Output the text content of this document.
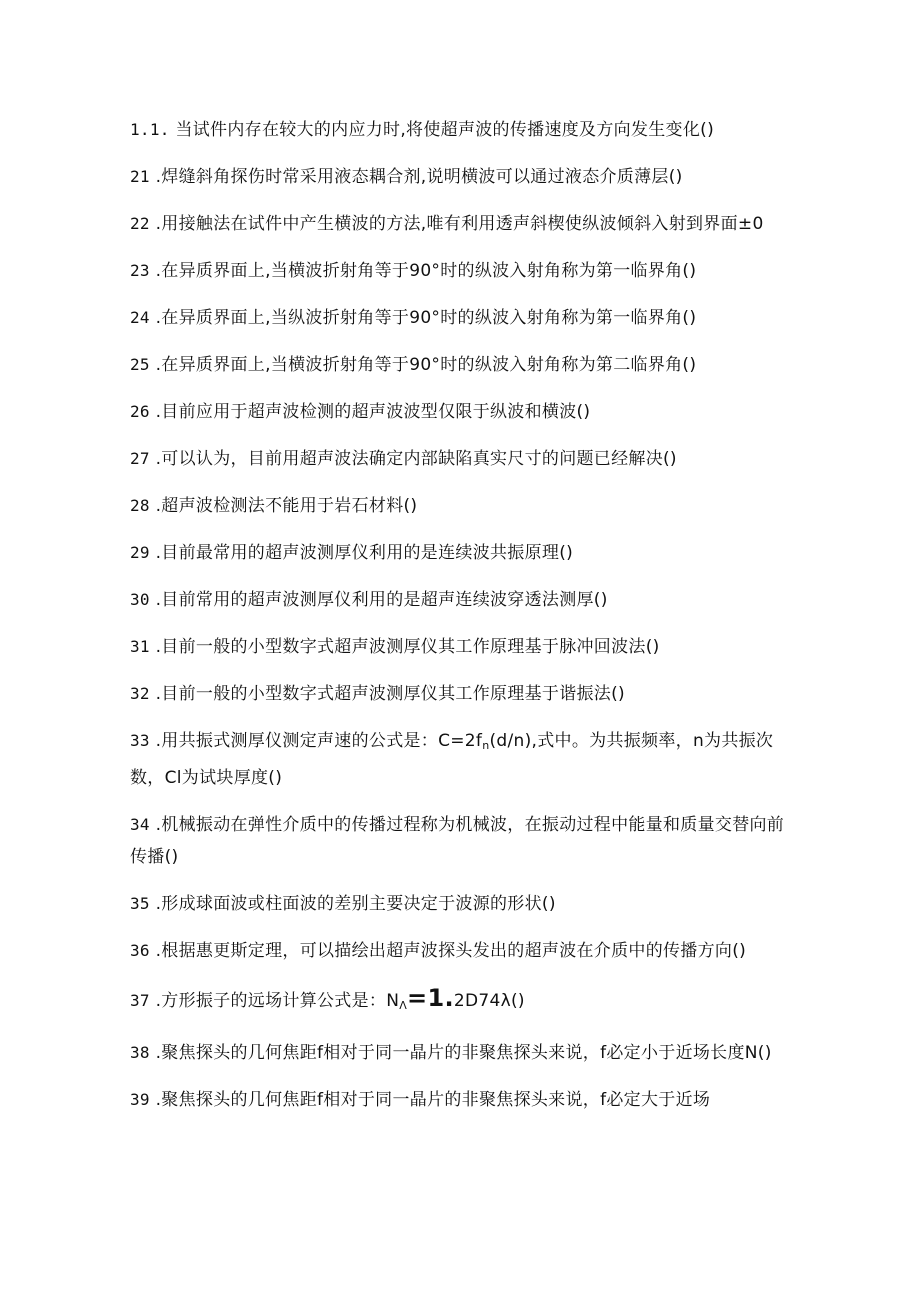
1.1. 当试件内存在较大的内应力时,将使超声波的传播速度及方向发生变化()

21 .焊缝斜角探伤时常采用液态耦合剂,说明横波可以通过液态介质薄层()

22 .用接触法在试件中产生横波的方法,唯有利用透声斜楔使纵波倾斜入射到界面±0

23 .在异质界面上,当横波折射角等于90°时的纵波入射角称为第一临界角()

24 .在异质界面上,当纵波折射角等于90°时的纵波入射角称为第一临界角()

25 .在异质界面上,当横波折射角等于90°时的纵波入射角称为第二临界角()

26 .目前应用于超声波检测的超声波波型仅限于纵波和横波()

27 .可以认为，目前用超声波法确定内部缺陷真实尺寸的问题已经解决()

28 .超声波检测法不能用于岩石材料()

29 .目前最常用的超声波测厚仪利用的是连续波共振原理()

30 .目前常用的超声波测厚仪利用的是超声连续波穿透法测厚()

31 .目前一般的小型数字式超声波测厚仪其工作原理基于脉冲回波法()

32 .目前一般的小型数字式超声波测厚仪其工作原理基于谐振法()

33 .用共振式测厚仪测定声速的公式是：$C=2f_n(d/n)$,式中。为共振频率，n为共振次数，Cl为试块厚度()

34 .机械振动在弹性介质中的传播过程称为机械波，在振动过程中能量和质量交替向前传播()

35 .形成球面波或柱面波的差别主要决定于波源的形状()

36 .根据惠更斯定理，可以描绘出超声波探头发出的超声波在介质中的传播方向()

37 .方形振子的远场计算公式是：$N_\Lambda=1.2D74\lambda()$

38 .聚焦探头的几何焦距f相对于同一晶片的非聚焦探头来说，f必定小于近场长度N()

39 .聚焦探头的几何焦距f相对于同一晶片的非聚焦探头来说，f必定大于近场
